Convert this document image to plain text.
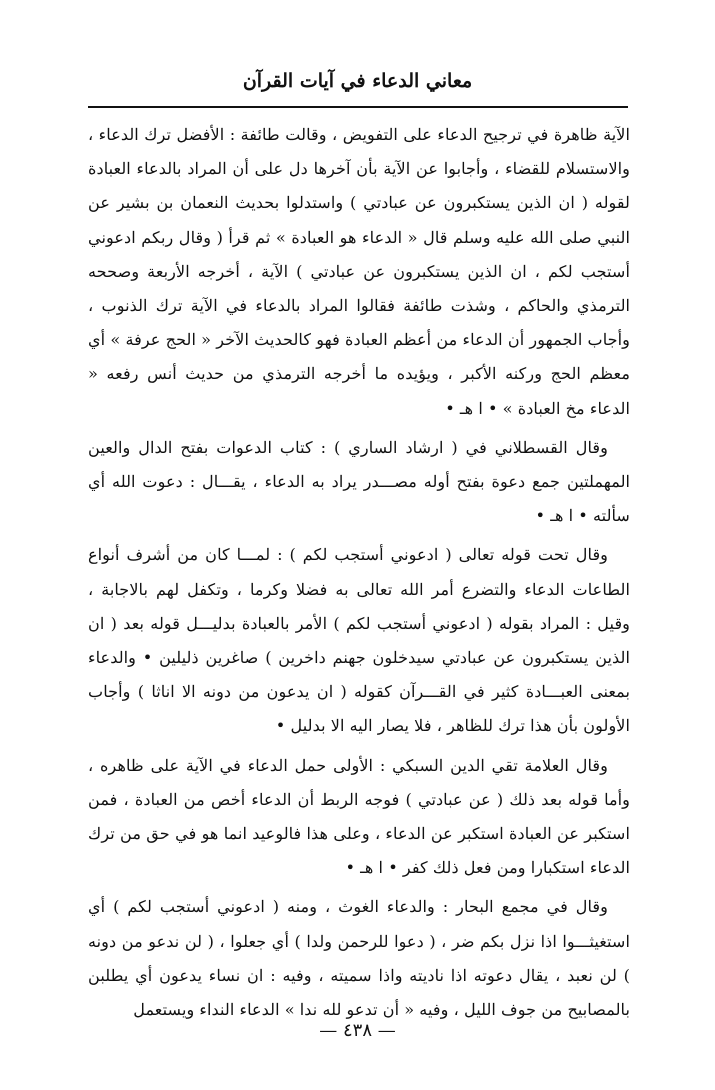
معاني الدعاء في آيات القرآن

الآية ظاهرة في ترجيح الدعاء على التفويض ، وقالت طائفة : الأفضل ترك الدعاء ، والاستسلام للقضاء ، وأجابوا عن الآية بأن آخرها دل على أن المراد بالدعاء العبادة لقوله ( ان الذين يستكبرون عن عبادتي ) واستدلوا بحديث النعمان بن بشير عن النبي صلى الله عليه وسلم قال « الدعاء هو العبادة » ثم قرأ ( وقال ربكم ادعوني أستجب لكم ، ان الذين يستكبرون عن عبادتي ) الآية ، أخرجه الأربعة وصححه الترمذي والحاكم ، وشذت طائفة فقالوا المراد بالدعاء في الآية ترك الذنوب ، وأجاب الجمهور أن الدعاء من أعظم العبادة فهو كالحديث الآخر « الحج عرفة » أي معظم الحج وركنه الأكبر ، ويؤيده ما أخرجه الترمذي من حديث أنس رفعه « الدعاء مخ العبادة » • ا هـ •

وقال القسطلاني في ( ارشاد الساري ) : كتاب الدعوات بفتح الدال والعين المهملتين جمع دعوة بفتح أوله مصـــدر يراد به الدعاء ، يقـــال : دعوت الله أي سألته • ا هـ •

وقال تحت قوله تعالى ( ادعوني أستجب لكم ) : لمـــا كان من أشرف أنواع الطاعات الدعاء والتضرع أمر الله تعالى به فضلا وكرما ، وتكفل لهم بالاجابة ، وقيل : المراد بقوله ( ادعوني أستجب لكم ) الأمر بالعبادة بدليـــل قوله بعد ( ان الذين يستكبرون عن عبادتي سيدخلون جهنم داخرين ) صاغرين ذليلين • والدعاء بمعنى العبـــادة كثير في القـــرآن كقوله ( ان يدعون من دونه الا اناثا ) وأجاب الأولون بأن هذا ترك للظاهر ، فلا يصار اليه الا بدليل •

وقال العلامة تقي الدين السبكي : الأولى حمل الدعاء في الآية على ظاهره ، وأما قوله بعد ذلك ( عن عبادتي ) فوجه الربط أن الدعاء أخص من العبادة ، فمن استكبر عن العبادة استكبر عن الدعاء ، وعلى هذا فالوعيد انما هو في حق من ترك الدعاء استكبارا ومن فعل ذلك كفر • ا هـ •

وقال في مجمع البحار : والدعاء الغوث ، ومنه ( ادعوني أستجب لكم ) أي استغيثـــوا اذا نزل بكم ضر ، ( دعوا للرحمن ولدا ) أي جعلوا ، ( لن ندعو من دونه ) لن نعبد ، يقال دعوته اذا ناديته واذا سميته ، وفيه : ان نساء يدعون أي يطلبن بالمصابيح من جوف الليل ، وفيه « أن تدعو لله ندا » الدعاء النداء ويستعمل

— ٤٣٨ —
